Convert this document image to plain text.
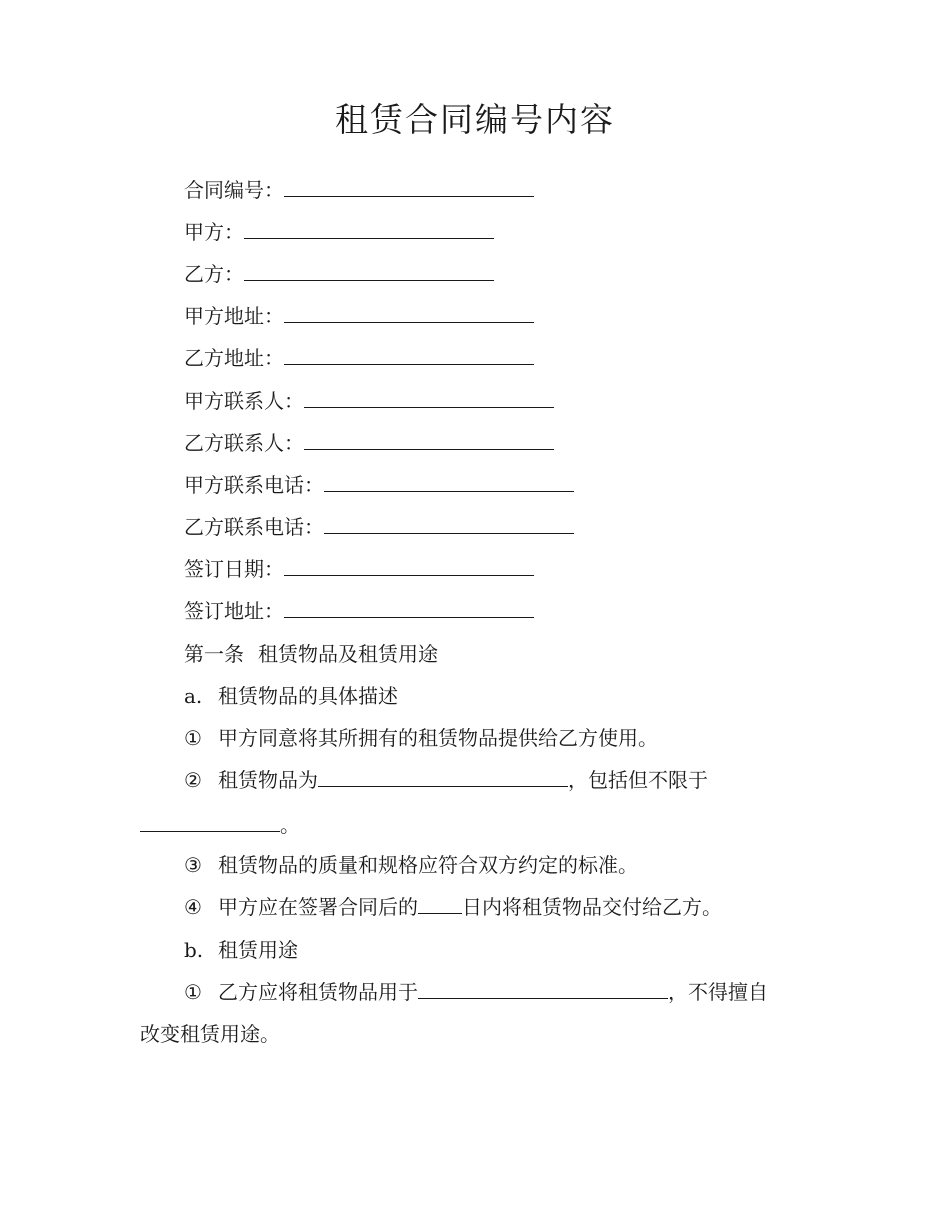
租赁合同编号内容
合同编号：
甲方：
乙方：
甲方地址：
乙方地址：
甲方联系人：
乙方联系人：
甲方联系电话：
乙方联系电话：
签订日期：
签订地址：
第一条 租赁物品及租赁用途
a. 租赁物品的具体描述
① 甲方同意将其所拥有的租赁物品提供给乙方使用。
② 租赁物品为	，包括但不限于
。
③ 租赁物品的质量和规格应符合双方约定的标准。
④ 甲方应在签署合同后的 日内将租赁物品交付给乙方。
b. 租赁用途
① 乙方应将租赁物品用于	，不得擅自
改变租赁用途。
